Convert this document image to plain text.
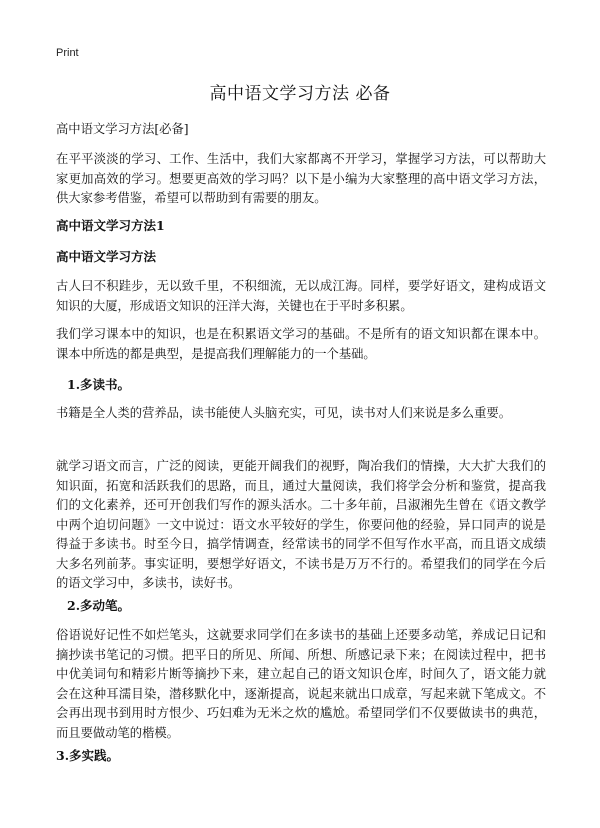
Print
高中语文学习方法 必备

高中语文学习方法[必备]

在平平淡淡的学习、工作、生活中，我们大家都离不开学习，掌握学习方法，可以帮助大家更加高效的学习。想要更高效的学习吗？以下是小编为大家整理的高中语文学习方法，供大家参考借鉴，希望可以帮助到有需要的朋友。

高中语文学习方法1
高中语文学习方法

古人曰不积跬步，无以致千里，不积细流，无以成江海。同样，要学好语文，建构成语文知识的大厦，形成语文知识的汪洋大海，关键也在于平时多积累。

我们学习课本中的知识，也是在积累语文学习的基础。不是所有的语文知识都在课本中。课本中所选的都是典型，是提高我们理解能力的一个基础。

1.多读书。

书籍是全人类的营养品，读书能使人头脑充实，可见，读书对人们来说是多么重要。

就学习语文而言，广泛的阅读，更能开阔我们的视野，陶冶我们的情操，大大扩大我们的知识面，拓宽和活跃我们的思路，而且，通过大量阅读，我们将学会分析和鉴赏，提高我们的文化素养，还可开创我们写作的源头活水。二十多年前，吕淑湘先生曾在《语文教学中两个迫切问题》一文中说过：语文水平较好的学生，你要问他的经验，异口同声的说是得益于多读书。时至今日，搞学情调查，经常读书的同学不但写作水平高，而且语文成绩大多名列前茅。事实证明，要想学好语文，不读书是万万不行的。希望我们的同学在今后的语文学习中，多读书，读好书。

2.多动笔。

俗语说好记性不如烂笔头，这就要求同学们在多读书的基础上还要多动笔，养成记日记和摘抄读书笔记的习惯。把平日的所见、所闻、所想、所感记录下来；在阅读过程中，把书中优美词句和精彩片断等摘抄下来，建立起自己的语文知识仓库，时间久了，语文能力就会在这种耳濡目染，潜移默化中，逐渐提高，说起来就出口成章，写起来就下笔成文。不会再出现书到用时方恨少、巧妇难为无米之炊的尴尬。希望同学们不仅要做读书的典范，而且要做动笔的楷模。

3.多实践。
